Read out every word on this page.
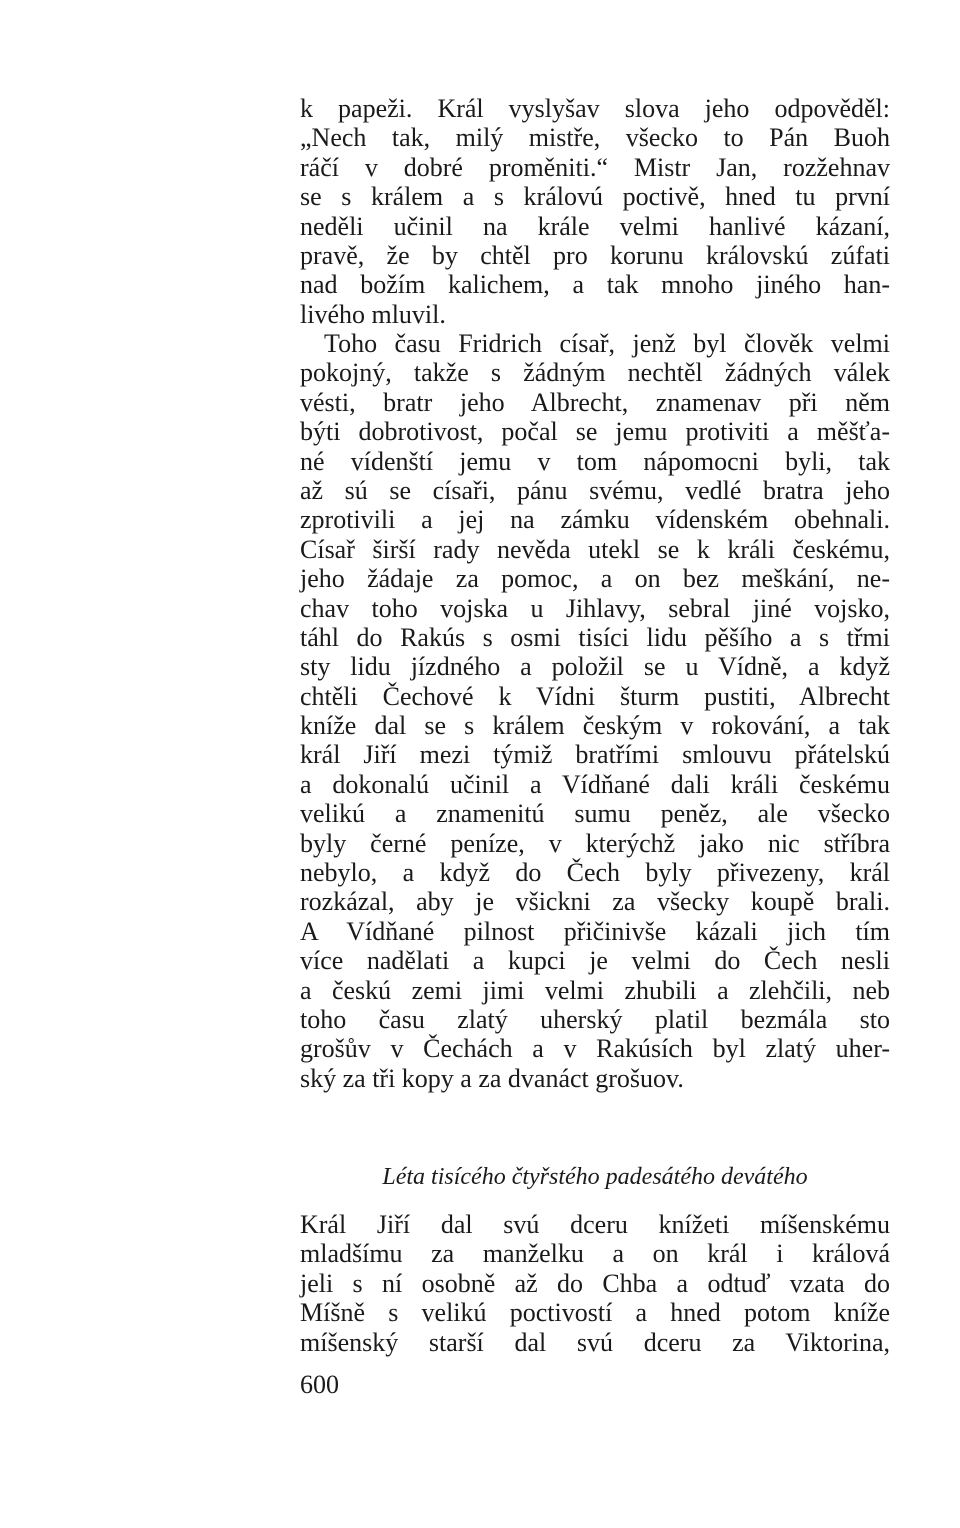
k papeži. Král vyslyšav slova jeho odpověděl:
„Nech tak, milý mistře, všecko to Pán Buoh
ráčí v dobré proměniti.“ Mistr Jan, rozžehnav
se s králem a s královú poctivě, hned tu první
neděli učinil na krále velmi hanlivé kázaní,
pravě, že by chtěl pro korunu královskú zúfati
nad božím kalichem, a tak mnoho jiného han-
livého mluvil.
Toho času Fridrich císař, jenž byl člověk velmi
pokojný, takže s žádným nechtěl žádných válek
vésti, bratr jeho Albrecht, znamenav při něm
býti dobrotivost, počal se jemu protiviti a měšťa-
né vídenští jemu v tom nápomocni byli, tak
až sú se císaři, pánu svému, vedlé bratra jeho
zprotivili a jej na zámku vídenském obehnali.
Císař širší rady nevěda utekl se k králi českému,
jeho žádaje za pomoc, a on bez meškání, ne-
chav toho vojska u Jihlavy, sebral jiné vojsko,
táhl do Rakús s osmi tisíci lidu pěšího a s třmi
sty lidu jízdného a položil se u Vídně, a když
chtěli Čechové k Vídni šturm pustiti, Albrecht
kníže dal se s králem českým v rokování, a tak
král Jiří mezi týmiž bratřími smlouvu přátelskú
a dokonalú učinil a Vídňané dali králi českému
velikú a znamenitú sumu peněz, ale všecko
byly černé peníze, v kterýchž jako nic stříbra
nebylo, a když do Čech byly přivezeny, král
rozkázal, aby je všickni za všecky koupě brali.
A Vídňané pilnost přičinivše kázali jich tím
více nadělati a kupci je velmi do Čech nesli
a českú zemi jimi velmi zhubili a zlehčili, neb
toho času zlatý uherský platil bezmála sto
grošův v Čechách a v Rakúsích byl zlatý uher-
ský za tři kopy a za dvanáct grošuov.
Léta tisícého čtyřstého padesátého devátého
Král Jiří dal svú dceru knížeti míšenskému
mladšímu za manželku a on král i králová
jeli s ní osobně až do Chba a odtuď vzata do
Míšně s velikú poctivostí a hned potom kníže
míšenský starší dal svú dceru za Viktorina,
600
